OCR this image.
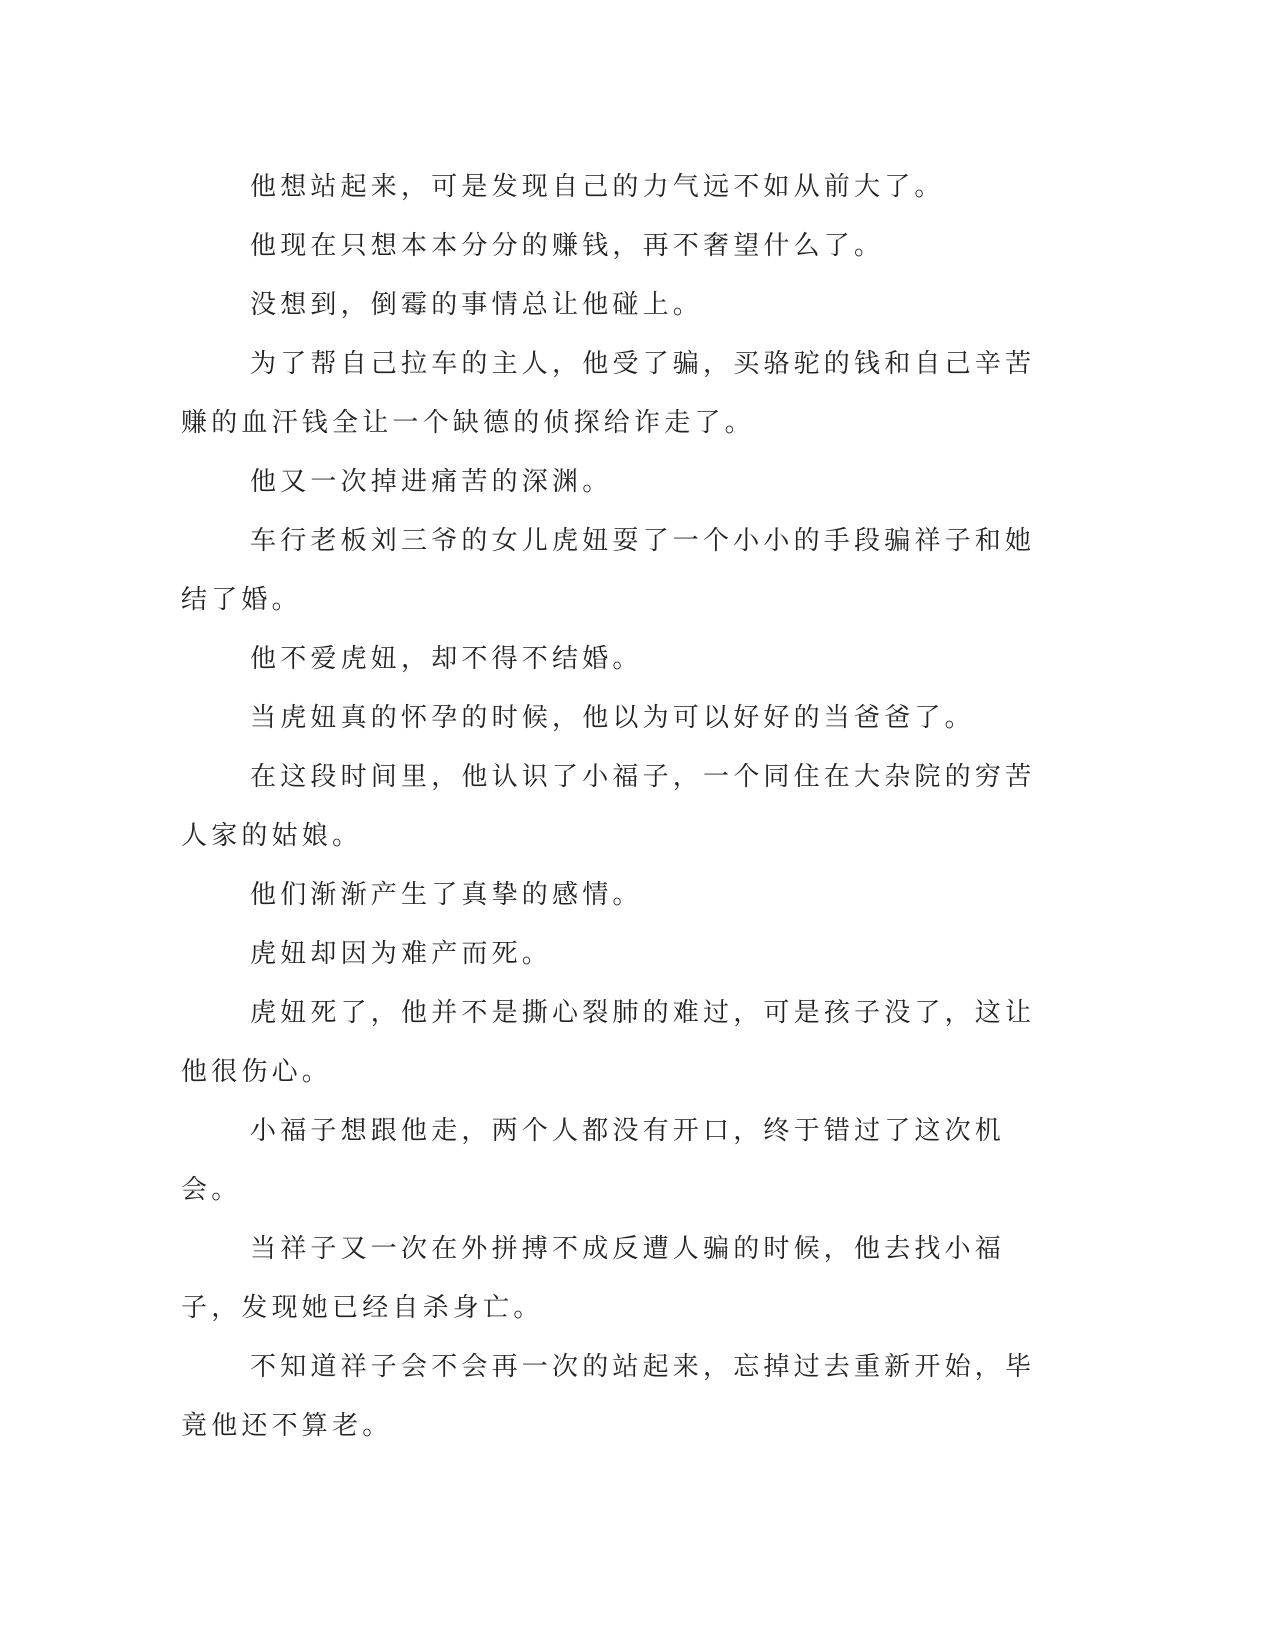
他想站起来，可是发现自己的力气远不如从前大了。

他现在只想本本分分的赚钱，再不奢望什么了。

没想到，倒霉的事情总让他碰上。

为了帮自己拉车的主人，他受了骗，买骆驼的钱和自己辛苦赚的血汗钱全让一个缺德的侦探给诈走了。

他又一次掉进痛苦的深渊。

车行老板刘三爷的女儿虎妞耍了一个小小的手段骗祥子和她结了婚。

他不爱虎妞，却不得不结婚。

当虎妞真的怀孕的时候，他以为可以好好的当爸爸了。

在这段时间里，他认识了小福子，一个同住在大杂院的穷苦人家的姑娘。

他们渐渐产生了真挚的感情。

虎妞却因为难产而死。

虎妞死了，他并不是撕心裂肺的难过，可是孩子没了，这让他很伤心。

小福子想跟他走，两个人都没有开口，终于错过了这次机会。

当祥子又一次在外拼搏不成反遭人骗的时候，他去找小福子，发现她已经自杀身亡。

不知道祥子会不会再一次的站起来，忘掉过去重新开始，毕竟他还不算老。
